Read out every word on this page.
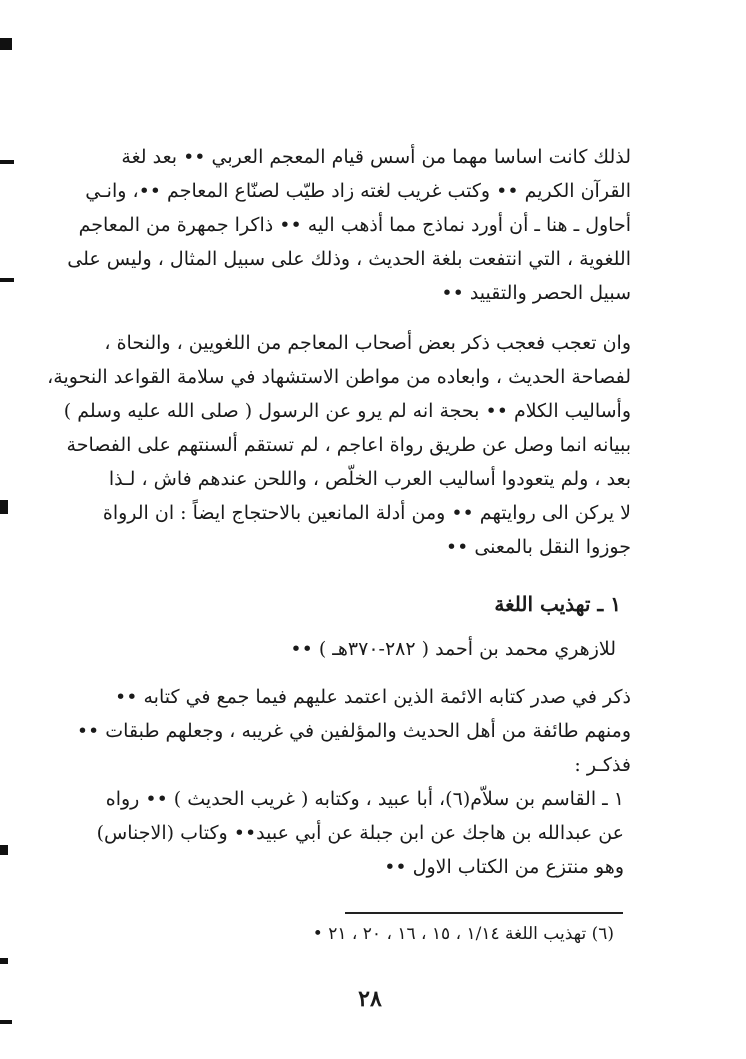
لذلك كانت اساسا مهما من أسس قيام المعجم العربي •• بعد لغة
القرآن الكريم •• وكتب غريب لغته زاد طيّب لصنّاع المعاجم ••، وانـي
أحاول ـ هنا ـ أن أورد نماذج مما أذهب اليه •• ذاكرا جمهرة من المعاجم
اللغوية ، التي انتفعت بلغة الحديث ، وذلك على سبيل المثال ، وليس على
سبيل الحصر والتقييد ••
وان تعجب فعجب ذكر بعض أصحاب المعاجم من اللغويين ، والنحاة ،
لفصاحة الحديث ، وابعاده من مواطن الاستشهاد في سلامة القواعد النحوية،
وأساليب الكلام •• بحجة انه لم يرو عن الرسول ( صلى الله عليه وسلم )
ببيانه انما وصل عن طريق رواة اعاجم ، لم تستقم ألسنتهم على الفصاحة
بعد ، ولم يتعودوا أساليب العرب الخلّص ، واللحن عندهم فاش ، لـذا
لا يركن الى روايتهم •• ومن أدلة المانعين بالاحتجاج ايضاً : ان الرواة
جوزوا النقل بالمعنى ••
١ ـ تهذيب اللغة
للازهري محمد بن أحمد ( ٢٨٢-٣٧٠هـ ) ••
ذكر في صدر كتابه الائمة الذين اعتمد عليهم فيما جمع في كتابه ••
ومنهم طائفة من أهل الحديث والمؤلفين في غريبه ، وجعلهم طبقات ••
فذكـر :
١ ـ القاسم بن سلاّم(٦)، أبا عبيد ، وكتابه ( غريب الحديث ) •• رواه
عن عبدالله بن هاجك عن ابن جبلة عن أبي عبيد•• وكتاب (الاجناس)
وهو منتزع من الكتاب الاول ••
(٦) تهذيب اللغة ١/١٤ ، ١٥ ، ١٦ ، ٢٠ ، ٢١ •
٢٨
